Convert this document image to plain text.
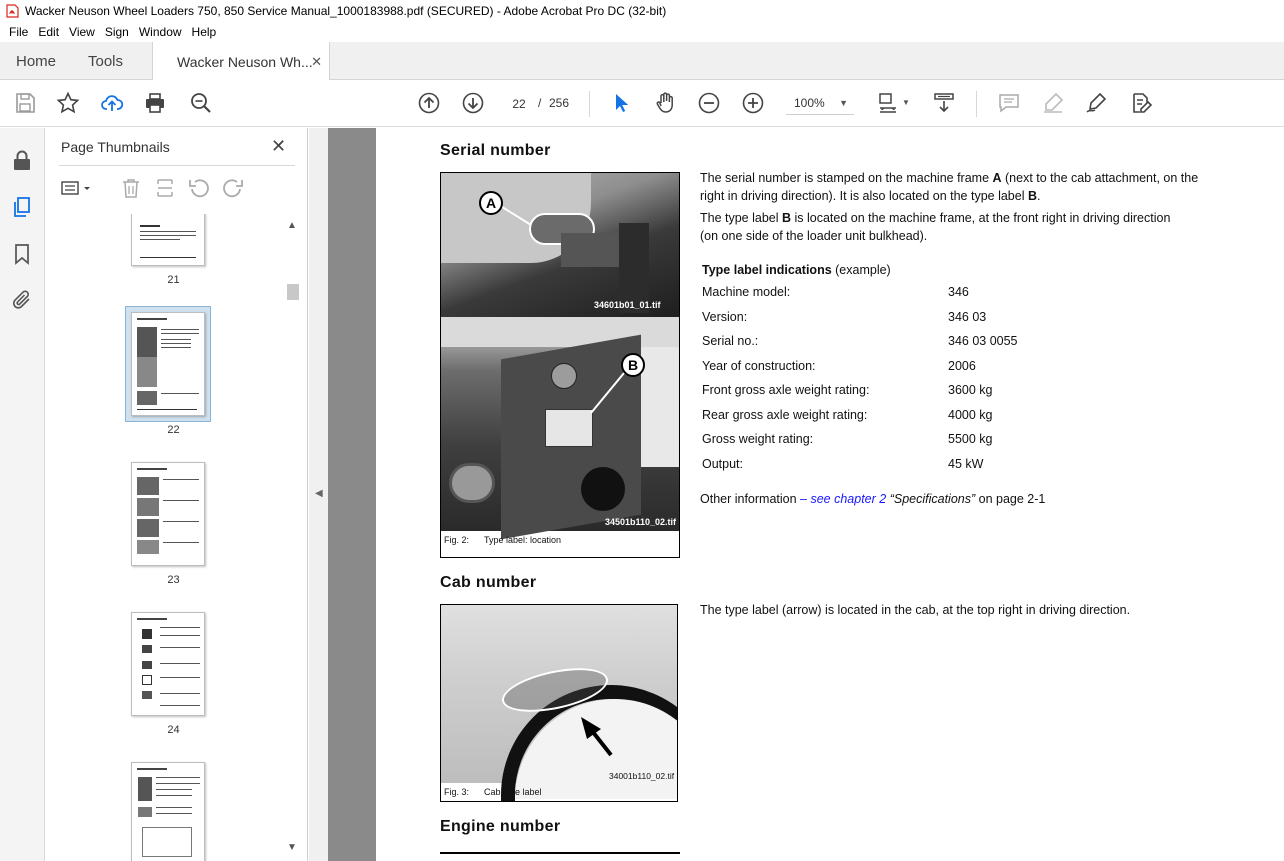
Wacker Neuson Wheel Loaders 750, 850 Service Manual_1000183988.pdf (SECURED) - Adobe Acrobat Pro DC (32-bit)
File Edit View Sign Window Help
Home Tools	Wacker Neuson Wh...
✕
22	/ 256	100% ▼	▼
Page Thumbnails	✕
21
22
23
24
▲
▼
◀
Serial number
A
34601b01_01.tif
B
34501b110_02.tif
Fig. 2: Type label: location
The serial number is stamped on the machine frame A (next to the cab attachment, on the
right in driving direction). It is also located on the type label B.
The type label B is located on the machine frame, at the front right in driving direction
(on one side of the loader unit bulkhead).
Type label indications (example)
Machine model:	346
Version:	346 03
Serial no.:	346 03 0055
Year of construction:	2006
Front gross axle weight rating:	3600 kg
Rear gross axle weight rating:	4000 kg
Gross weight rating:	5500 kg
Output:	45 kW
Other information – see chapter 2 “Specifications” on page 2-1
Cab number
34001b110_02.tif
Fig. 3: Cab type label
The type label (arrow) is located in the cab, at the top right in driving direction.
Engine number
